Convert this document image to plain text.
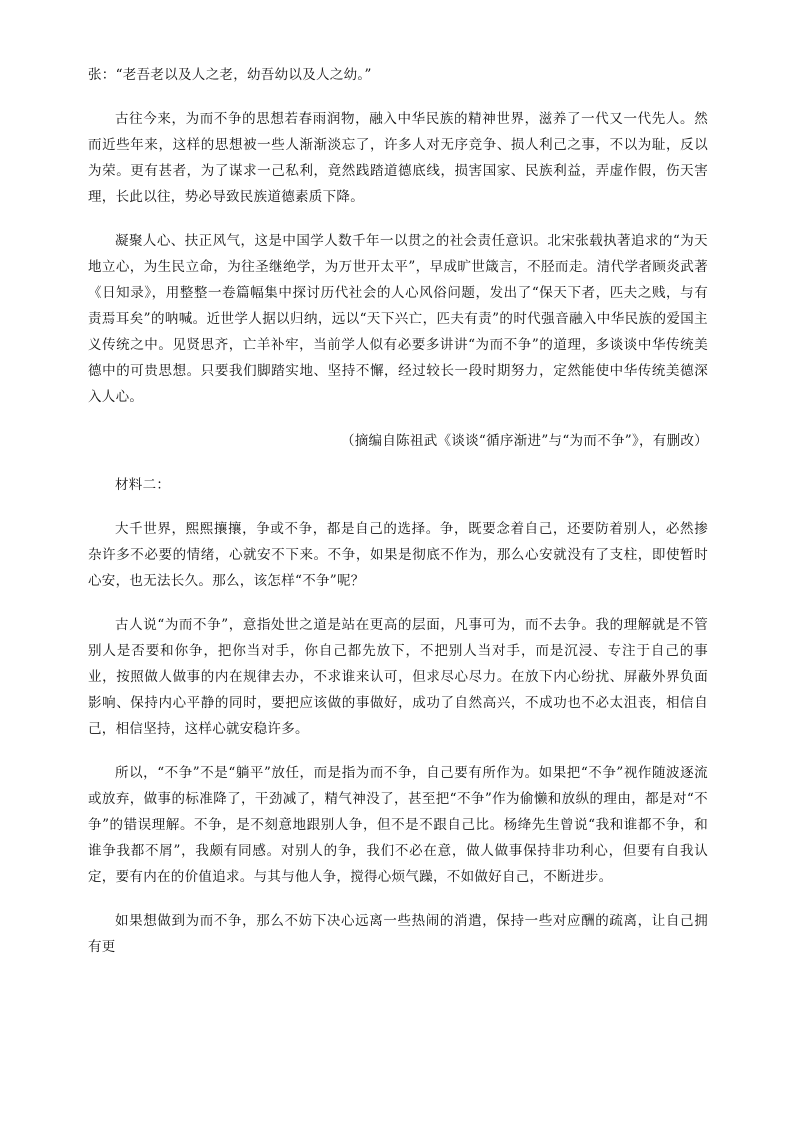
张：“老吾老以及人之老，幼吾幼以及人之幼。”

古往今来，为而不争的思想若春雨润物，融入中华民族的精神世界，滋养了一代又一代先人。然而近些年来，这样的思想被一些人渐渐淡忘了，许多人对无序竞争、损人利己之事，不以为耻，反以为荣。更有甚者，为了谋求一己私利，竟然践踏道德底线，损害国家、民族利益，弄虚作假，伤天害理，长此以往，势必导致民族道德素质下降。

凝聚人心、扶正风气，这是中国学人数千年一以贯之的社会责任意识。北宋张载执著追求的“为天地立心，为生民立命，为往圣继绝学，为万世开太平”，早成旷世箴言，不胫而走。清代学者顾炎武著《日知录》，用整整一卷篇幅集中探讨历代社会的人心风俗问题，发出了“保天下者，匹夫之贱，与有责焉耳矣”的呐喊。近世学人据以归纳，远以“天下兴亡，匹夫有责”的时代强音融入中华民族的爱国主义传统之中。见贤思齐，亡羊补牢，当前学人似有必要多讲讲“为而不争”的道理，多谈谈中华传统美德中的可贵思想。只要我们脚踏实地、坚持不懈，经过较长一段时期努力，定然能使中华传统美德深入人心。

（摘编自陈祖武《谈谈“循序渐进”与“为而不争”》，有删改）

材料二：

大千世界，熙熙攘攘，争或不争，都是自己的选择。争，既要念着自己，还要防着别人，必然掺杂许多不必要的情绪，心就安不下来。不争，如果是彻底不作为，那么心安就没有了支柱，即使暂时心安，也无法长久。那么，该怎样“不争”呢？

古人说“为而不争”，意指处世之道是站在更高的层面，凡事可为，而不去争。我的理解就是不管别人是否要和你争，把你当对手，你自己都先放下，不把别人当对手，而是沉浸、专注于自己的事业，按照做人做事的内在规律去办，不求谁来认可，但求尽心尽力。在放下内心纷扰、屏蔽外界负面影响、保持内心平静的同时，要把应该做的事做好，成功了自然高兴，不成功也不必太沮丧，相信自己，相信坚持，这样心就安稳许多。

所以，“不争”不是“躺平”放任，而是指为而不争，自己要有所作为。如果把“不争”视作随波逐流或放弃，做事的标准降了，干劲减了，精气神没了，甚至把“不争”作为偷懒和放纵的理由，都是对“不争”的错误理解。不争，是不刻意地跟别人争，但不是不跟自己比。杨绛先生曾说“我和谁都不争，和谁争我都不屑”，我颇有同感。对别人的争，我们不必在意，做人做事保持非功利心，但要有自我认定，要有内在的价值追求。与其与他人争，搅得心烦气躁，不如做好自己，不断进步。

如果想做到为而不争，那么不妨下决心远离一些热闹的消遣，保持一些对应酬的疏离，让自己拥有更
